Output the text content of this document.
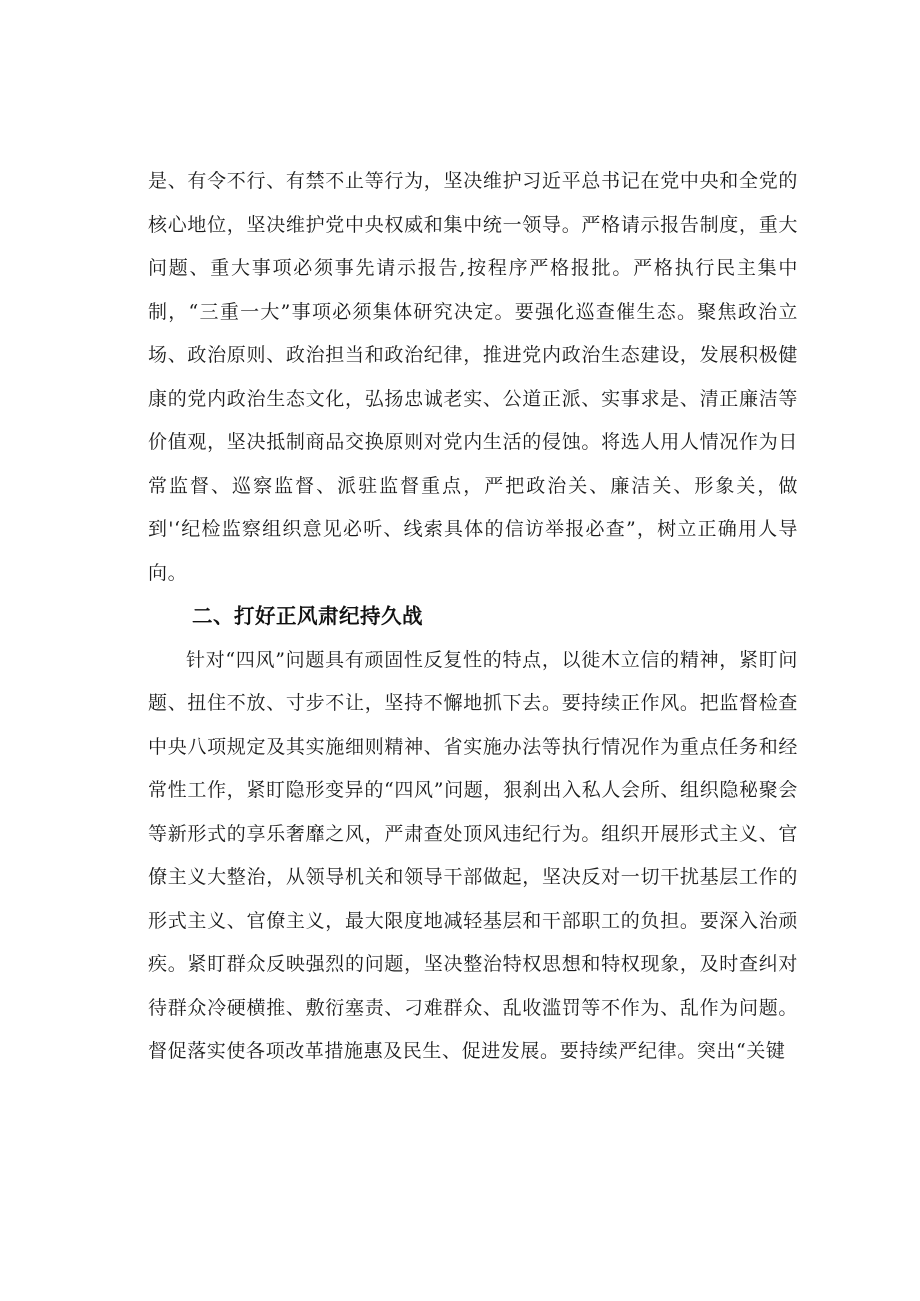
是、有令不行、有禁不止等行为，坚决维护习近平总书记在党中央和全党的核心地位，坚决维护党中央权威和集中统一领导。严格请示报告制度，重大问题、重大事项必须事先请示报告,按程序严格报批。严格执行民主集中制，“三重一大”事项必须集体研究决定。要强化巡查催生态。聚焦政治立场、政治原则、政治担当和政治纪律，推进党内政治生态建设，发展积极健康的党内政治生态文化，弘扬忠诚老实、公道正派、实事求是、清正廉洁等价值观，坚决抵制商品交换原则对党内生活的侵蚀。将选人用人情况作为日常监督、巡察监督、派驻监督重点，严把政治关、廉洁关、形象关，做到'‘纪检监察组织意见必听、线索具体的信访举报必查”，树立正确用人导向。

二、打好正风肃纪持久战

针对“四风”问题具有顽固性反复性的特点，以徙木立信的精神，紧盯问题、扭住不放、寸步不让，坚持不懈地抓下去。要持续正作风。把监督检查中央八项规定及其实施细则精神、省实施办法等执行情况作为重点任务和经常性工作，紧盯隐形变异的“四风”问题，狠刹出入私人会所、组织隐秘聚会等新形式的享乐奢靡之风，严肃查处顶风违纪行为。组织开展形式主义、官僚主义大整治，从领导机关和领导干部做起，坚决反对一切干扰基层工作的形式主义、官僚主义，最大限度地减轻基层和干部职工的负担。要深入治顽疾。紧盯群众反映强烈的问题，坚决整治特权思想和特权现象，及时查纠对待群众冷硬横推、敷衍塞责、刁难群众、乱收滥罚等不作为、乱作为问题。督促落实使各项改革措施惠及民生、促进发展。要持续严纪律。突出“关键
